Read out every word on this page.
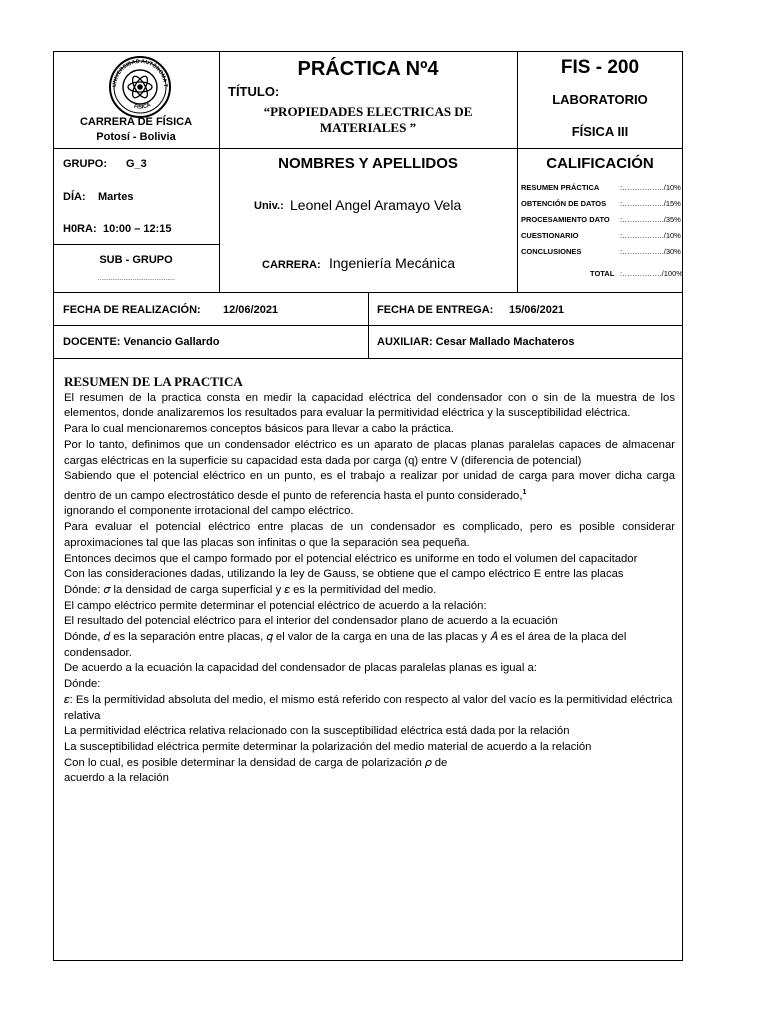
UNIVERSIDAD AUTÓNOMA T
FÍSICA
CARRERA DE FÍSICA
Potosí - Bolivia
PRÁCTICA Nº4
TÍTULO:
“PROPIEDADES ELECTRICAS DE
MATERIALES ”
FIS - 200
LABORATORIO
FÍSICA III
GRUPO: G_3
DÍA: Martes
H0RA: 10:00 – 12:15
SUB - GRUPO
……………………………………
NOMBRES Y APELLIDOS
Univ.: Leonel Angel Aramayo Vela
CARRERA: Ingeniería Mecánica
CALIFICACIÓN
RESUMEN PRÁCTICA	:……………../10%
OBTENCIÓN DE DATOS :……………../15%
PROCESAMIENTO DATO :……………../35%
CUESTIONARIO	:……………../10%
CONCLUSIONES	:……………../30%
TOTAL :……………./100%
FECHA DE REALIZACIÓN: 12/06/2021	FECHA DE ENTREGA: 15/06/2021
DOCENTE: Venancio Gallardo	AUXILIAR: Cesar Mallado Machateros
RESUMEN DE LA PRACTICA

El resumen de la practica consta en medir la capacidad eléctrica del condensador con o sin de la muestra de los elementos, donde analizaremos los resultados para evaluar la permitividad eléctrica y la susceptibilidad eléctrica.

Para lo cual mencionaremos conceptos básicos para llevar a cabo la práctica.

Por lo tanto, definimos que un condensador eléctrico es un aparato de placas planas paralelas capaces de almacenar cargas eléctricas en la superficie su capacidad esta dada por carga (q) entre V (diferencia de potencial)

Sabiendo que el potencial eléctrico en un punto, es el trabajo a realizar por unidad de carga para mover dicha carga dentro de un campo electrostático desde el punto de referencia hasta el punto considerado,$^1$

ignorando el componente irrotacional del campo eléctrico.

Para evaluar el potencial eléctrico entre placas de un condensador es complicado, pero es posible considerar aproximaciones tal que las placas son infinitas o que la separación sea pequeña.

Entonces decimos que el campo formado por el potencial eléctrico es uniforme en todo el volumen del capacitador

Con las consideraciones dadas, utilizando la ley de Gauss, se obtiene que el campo eléctrico E entre las placas

Dónde: 𝜎 la densidad de carga superficial y 𝜀 es la permitividad del medio.

El campo eléctrico permite determinar el potencial eléctrico de acuerdo a la relación:

El resultado del potencial eléctrico para el interior del condensador plano de acuerdo a la ecuación

Dónde, 𝑑 es la separación entre placas, 𝑞 el valor de la carga en una de las placas y 𝐴 es el área de la placa del condensador.

De acuerdo a la ecuación la capacidad del condensador de placas paralelas planas es igual a:

Dónde:

𝜀: Es la permitividad absoluta del medio, el mismo está referido con respecto al valor del vacío es la permitividad eléctrica relativa

La permitividad eléctrica relativa relacionado con la susceptibilidad eléctrica está dada por la relación

La susceptibilidad eléctrica permite determinar la polarización del medio material de acuerdo a la relación

Con lo cual, es posible determinar la densidad de carga de polarización 𝜌 de

acuerdo a la relación
